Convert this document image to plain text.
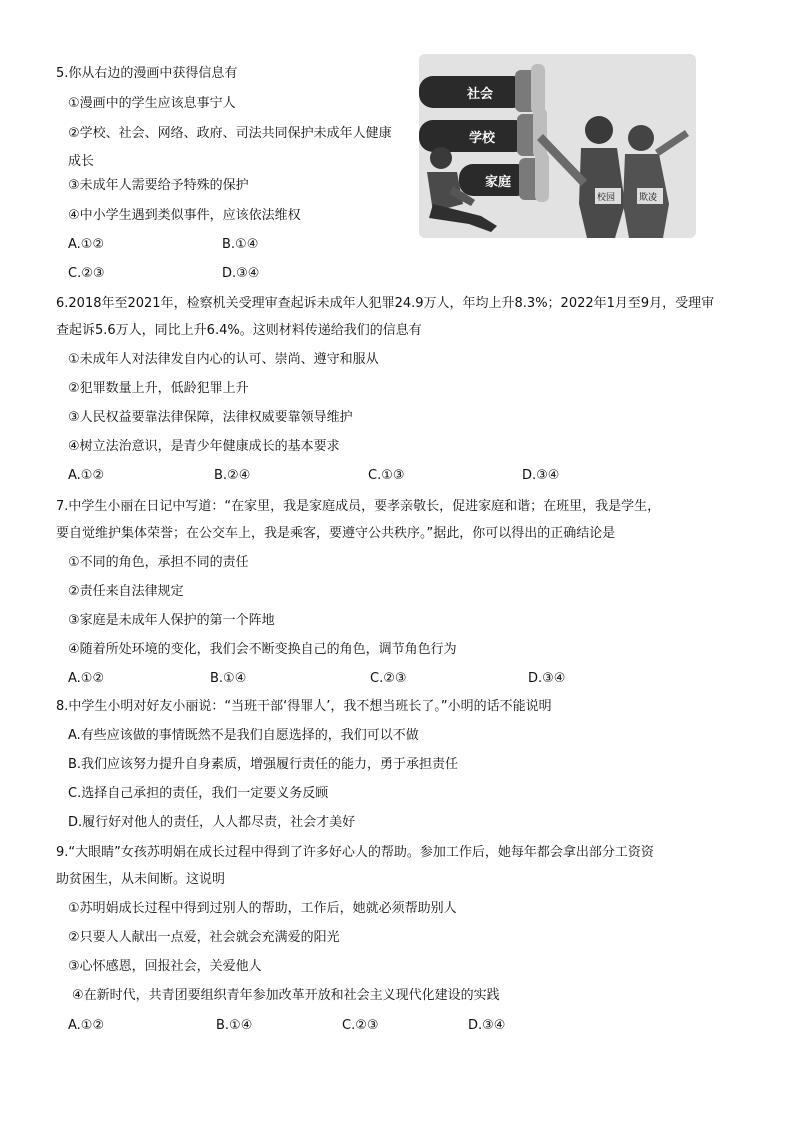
5.你从右边的漫画中获得信息有
①漫画中的学生应该息事宁人
②学校、社会、网络、政府、司法共同保护未成年人健康
成长
③未成年人需要给予特殊的保护
④中小学生遇到类似事件，应该依法维权
A.①②	B.①④
C.②③	D.③④
社会
学校
家庭
校园	欺凌
6.2018年至2021年，检察机关受理审查起诉未成年人犯罪24.9万人，年均上升8.3%；2022年1月至9月，受理审
查起诉5.6万人，同比上升6.4%。这则材料传递给我们的信息有
①未成年人对法律发自内心的认可、崇尚、遵守和服从
②犯罪数量上升，低龄犯罪上升
③人民权益要靠法律保障，法律权威要靠领导维护
④树立法治意识，是青少年健康成长的基本要求
A.①②	B.②④	C.①③	D.③④
7.中学生小丽在日记中写道：“在家里，我是家庭成员，要孝亲敬长，促进家庭和谐；在班里，我是学生，
要自觉维护集体荣誉；在公交车上，我是乘客，要遵守公共秩序。”据此，你可以得出的正确结论是
①不同的角色，承担不同的责任
②责任来自法律规定
③家庭是未成年人保护的第一个阵地
④随着所处环境的变化，我们会不断变换自己的角色，调节角色行为
A.①②	B.①④	C.②③	D.③④
8.中学生小明对好友小丽说：“当班干部‘得罪人’，我不想当班长了。”小明的话不能说明
A.有些应该做的事情既然不是我们自愿选择的，我们可以不做
B.我们应该努力提升自身素质，增强履行责任的能力，勇于承担责任
C.选择自己承担的责任，我们一定要义务反顾
D.履行好对他人的责任，人人都尽责，社会才美好
9.“大眼睛”女孩苏明娟在成长过程中得到了许多好心人的帮助。参加工作后，她每年都会拿出部分工资资
助贫困生，从未间断。这说明
①苏明娟成长过程中得到过别人的帮助，工作后，她就必须帮助别人
②只要人人献出一点爱，社会就会充满爱的阳光
③心怀感恩，回报社会，关爱他人
④在新时代，共青团要组织青年参加改革开放和社会主义现代化建设的实践
A.①②	B.①④	C.②③	D.③④
